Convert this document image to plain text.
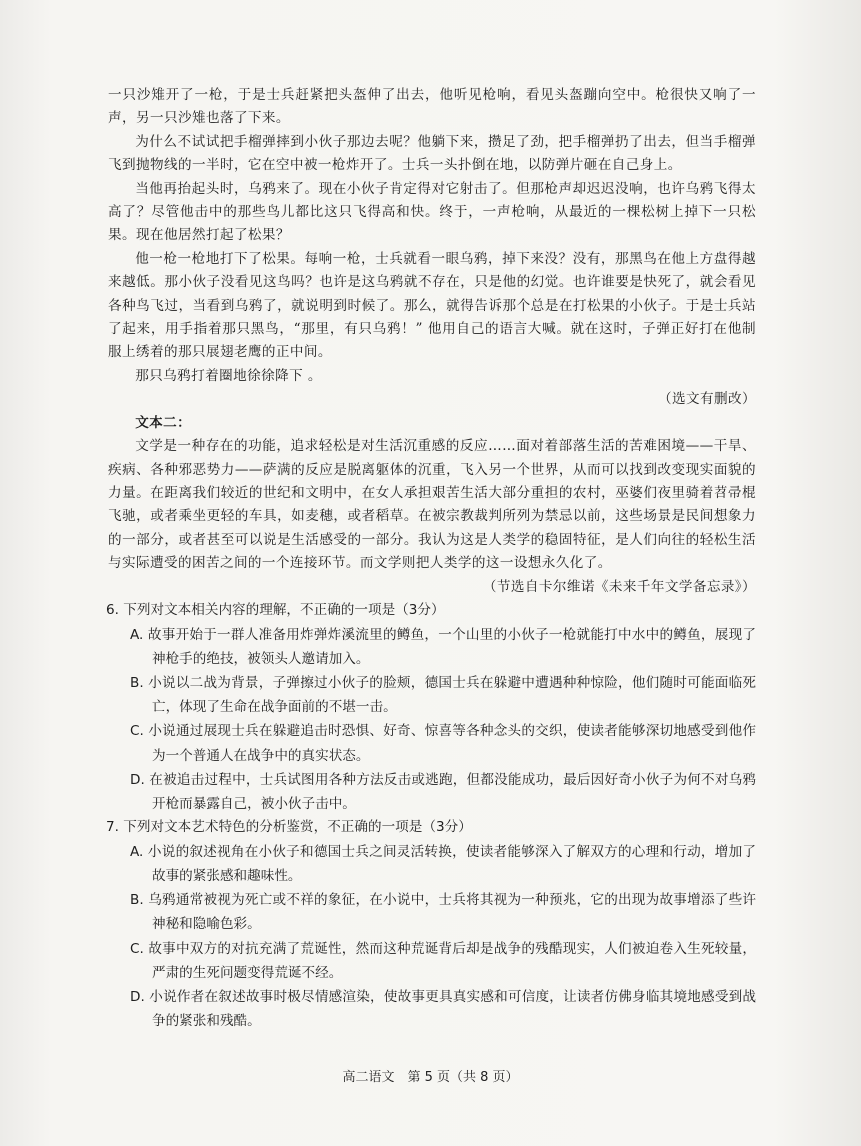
一只沙雉开了一枪，于是士兵赶紧把头盔伸了出去，他听见枪响，看见头盔蹦向空中。枪很快又响了一声，另一只沙雉也落了下来。

为什么不试试把手榴弹摔到小伙子那边去呢？他躺下来，攒足了劲，把手榴弹扔了出去，但当手榴弹飞到抛物线的一半时，它在空中被一枪炸开了。士兵一头扑倒在地，以防弹片砸在自己身上。

当他再抬起头时，乌鸦来了。现在小伙子肯定得对它射击了。但那枪声却迟迟没响，也许乌鸦飞得太高了？尽管他击中的那些鸟儿都比这只飞得高和快。终于，一声枪响，从最近的一棵松树上掉下一只松果。现在他居然打起了松果？

他一枪一枪地打下了松果。每响一枪，士兵就看一眼乌鸦，掉下来没？没有，那黑鸟在他上方盘得越来越低。那小伙子没看见这鸟吗？也许是这乌鸦就不存在，只是他的幻觉。也许谁要是快死了，就会看见各种鸟飞过，当看到乌鸦了，就说明到时候了。那么，就得告诉那个总是在打松果的小伙子。于是士兵站了起来，用手指着那只黑鸟，“那里，有只乌鸦！” 他用自己的语言大喊。就在这时，子弹正好打在他制服上绣着的那只展翅老鹰的正中间。

那只乌鸦打着圈地徐徐降下 。

（选文有删改）

文本二：

文学是一种存在的功能，追求轻松是对生活沉重感的反应……面对着部落生活的苦难困境——干旱、疾病、各种邪恶势力——萨满的反应是脱离躯体的沉重，飞入另一个世界，从而可以找到改变现实面貌的力量。在距离我们较近的世纪和文明中，在女人承担艰苦生活大部分重担的农村，巫婆们夜里骑着苕帚棍飞驰，或者乘坐更轻的车具，如麦穗，或者稻草。在被宗教裁判所列为禁忌以前，这些场景是民间想象力的一部分，或者甚至可以说是生活感受的一部分。我认为这是人类学的稳固特征，是人们向往的轻松生活与实际遭受的困苦之间的一个连接环节。而文学则把人类学的这一设想永久化了。

（节选自卡尔维诺《未来千年文学备忘录》）

6. 下列对文本相关内容的理解，不正确的一项是（3分）
A. 故事开始于一群人准备用炸弹炸溪流里的鳟鱼，一个山里的小伙子一枪就能打中水中的鳟鱼，展现了神枪手的绝技，被领头人邀请加入。
B. 小说以二战为背景，子弹擦过小伙子的脸颊，德国士兵在躲避中遭遇种种惊险，他们随时可能面临死亡，体现了生命在战争面前的不堪一击。
C. 小说通过展现士兵在躲避追击时恐惧、好奇、惊喜等各种念头的交织，使读者能够深切地感受到他作为一个普通人在战争中的真实状态。
D. 在被追击过程中，士兵试图用各种方法反击或逃跑，但都没能成功，最后因好奇小伙子为何不对乌鸦开枪而暴露自己，被小伙子击中。
7. 下列对文本艺术特色的分析鉴赏，不正确的一项是（3分）
A. 小说的叙述视角在小伙子和德国士兵之间灵活转换，使读者能够深入了解双方的心理和行动，增加了故事的紧张感和趣味性。
B. 乌鸦通常被视为死亡或不祥的象征，在小说中，士兵将其视为一种预兆，它的出现为故事增添了些许神秘和隐喻色彩。
C. 故事中双方的对抗充满了荒诞性，然而这种荒诞背后却是战争的残酷现实，人们被迫卷入生死较量，严肃的生死问题变得荒诞不经。
D. 小说作者在叙述故事时极尽情感渲染，使故事更具真实感和可信度，让读者仿佛身临其境地感受到战争的紧张和残酷。
高二语文　第 5 页（共 8 页）
